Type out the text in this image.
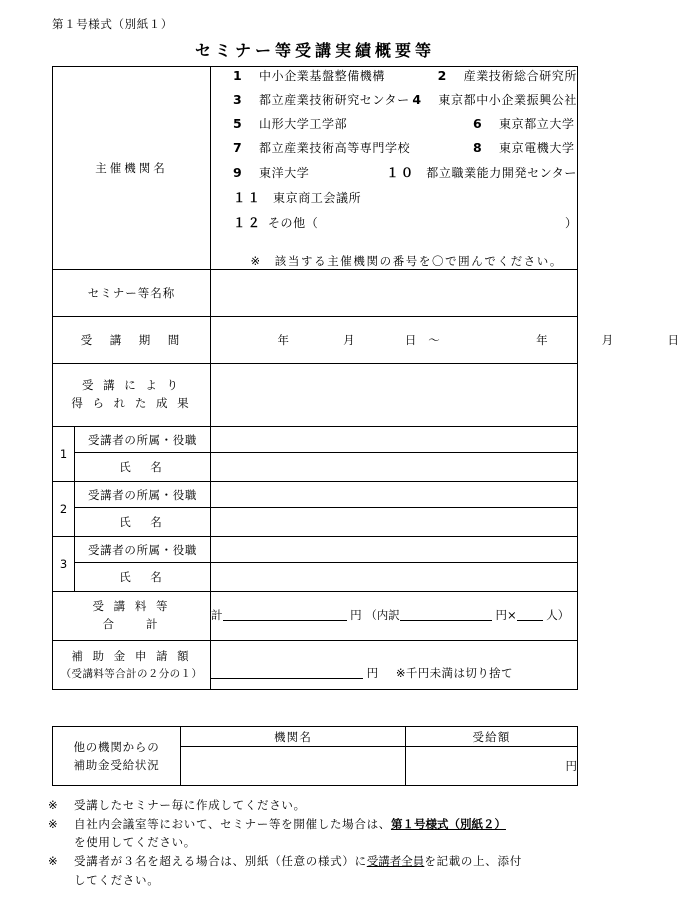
第１号様式（別紙１）
セミナー等受講実績概要等
主催機関名	
1	中小企業基盤整備機構	2	産業技術総合研究所
3	都立産業技術研究センター 4	東京都中小企業振興公社
5	山形大学工学部	6	東京都立大学
7	都立産業技術高等専門学校	8	東京電機大学
9	東洋大学	１０ 都立職業能力開発センター
１１ 東京商工会議所
１２ その他（	）
※　該当する主催機関の番号を〇で囲んでください。

セミナー等名称		
受　講　期　間		年 月 日 ～ 年 月 日

受 講 に よ り
得 ら れ た 成 果		

1	受講者の所属・役職	
	氏　名	
2	受講者の所属・役職	
	氏　名	
3	受講者の所属・役職	
	氏　名	

受 講 料 等
合　　計		計 円 （内訳 円× 人）

補 助 金 申 請 額
（受講料等合計の２分の１）		円 ※千円未満は切り捨て
他の機関からの
補助金受給状況	機関名	受給額
		円
※	受講したセミナー毎に作成してください。
※	自社内会議室等において、セミナー等を開催した場合は、 第１号様式（別紙２）
を使用してください。
※	受講者が３名を超える場合は、別紙（任意の様式）に 受講者全員 を記載の上、添付
してください。
